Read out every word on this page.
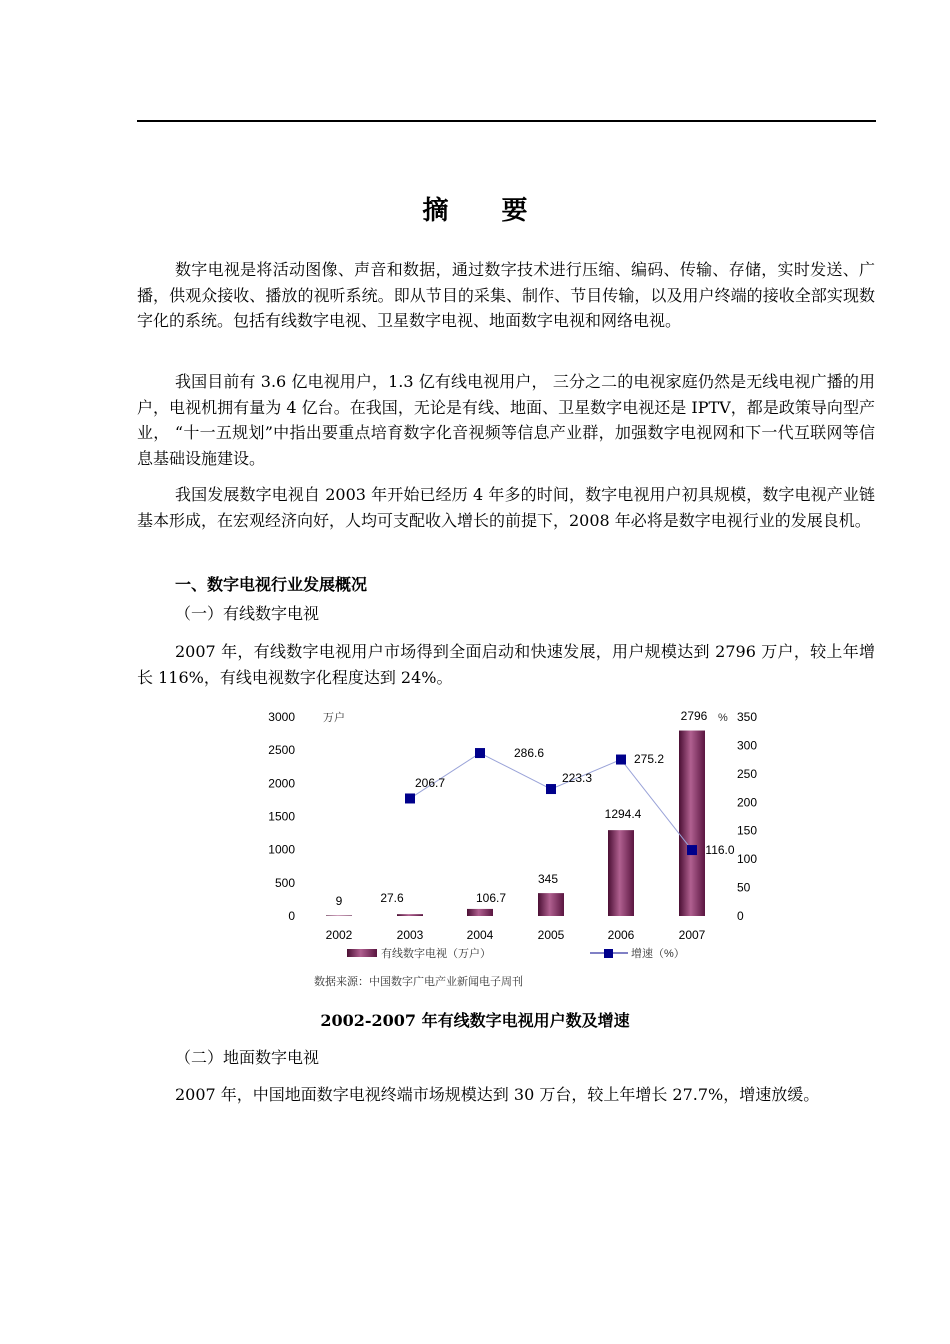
摘 要

数字电视是将活动图像、声音和数据，通过数字技术进行压缩、编码、传输、存储，实时发送、广播，供观众接收、播放的视听系统。即从节目的采集、制作、节目传输，以及用户终端的接收全部实现数字化的系统。包括有线数字电视、卫星数字电视、地面数字电视和网络电视。

我国目前有 3.6 亿电视用户，1.3 亿有线电视用户， 三分之二的电视家庭仍然是无线电视广播的用户，电视机拥有量为 4 亿台。在我国，无论是有线、地面、卫星数字电视还是 IPTV，都是政策导向型产业， “十一五规划”中指出要重点培育数字化音视频等信息产业群，加强数字电视网和下一代互联网等信息基础设施建设。

我国发展数字电视自 2003 年开始已经历 4 年多的时间，数字电视用户初具规模，数字电视产业链基本形成，在宏观经济向好，人均可支配收入增长的前提下，2008 年必将是数字电视行业的发展良机。

一、数字电视行业发展概况

（一）有线数字电视

2007 年，有线数字电视用户市场得到全面启动和快速发展，用户规模达到 2796 万户，较上年增长 116%，有线电视数字化程度达到 24%。

0
500
1000
1500
2000
2500
3000	万户
0
50
100
150
200
250
300
350
%
9	27.6	106.7
345
1294.4
2796
206.7
286.6
223.3
275.2
116.0
2002	2003	2004	2005	2006	2007
有线数字电视（万户）	增速（%）
数据来源：中国数字广电产业新闻电子周刊
2002-2007 年有线数字电视用户数及增速

（二）地面数字电视

2007 年，中国地面数字电视终端市场规模达到 30 万台，较上年增长 27.7%，增速放缓。
